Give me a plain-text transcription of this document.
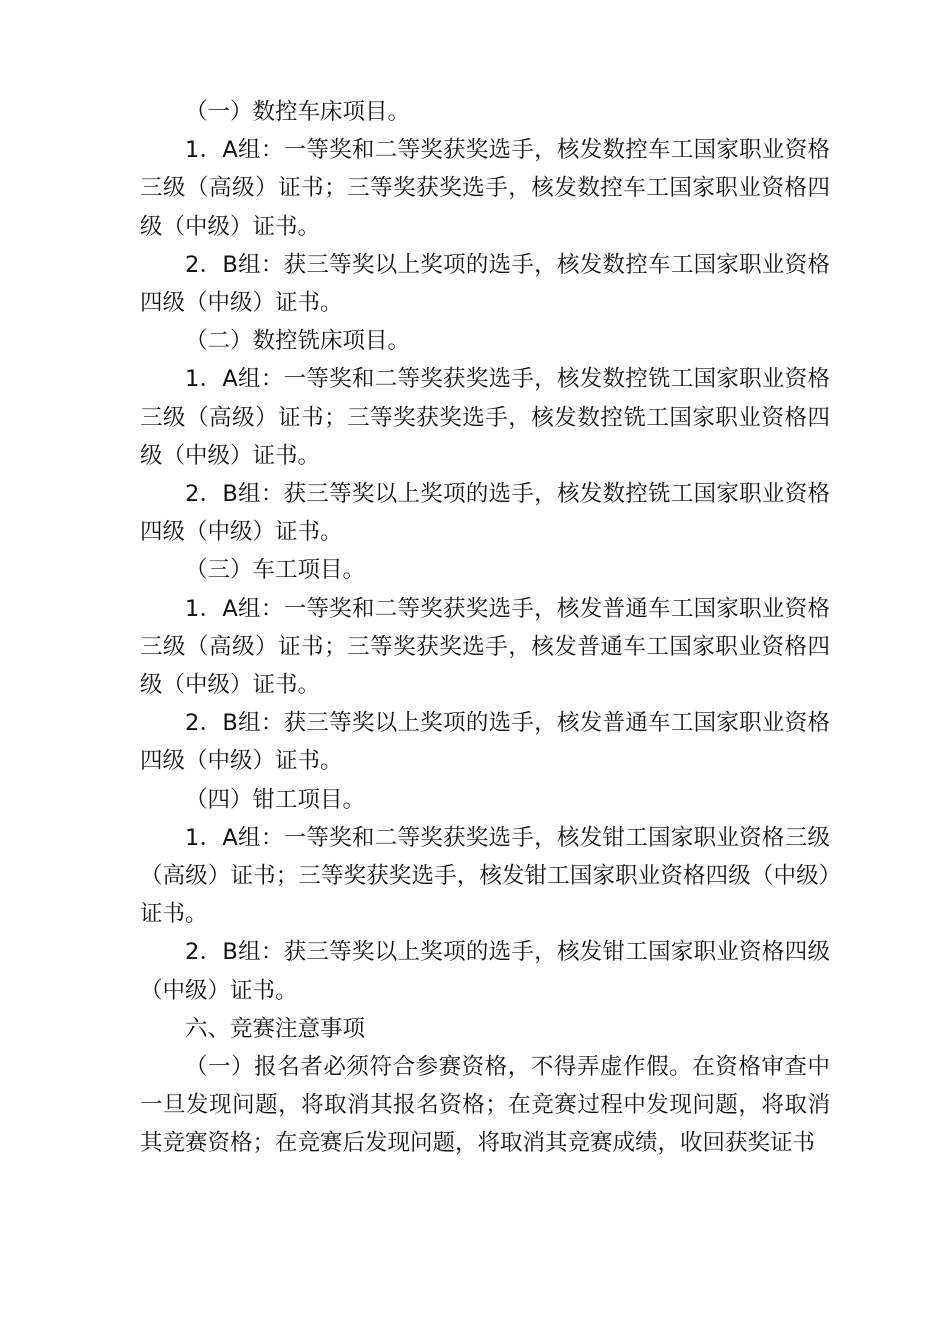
（一）数控车床项目。

1．A组：一等奖和二等奖获奖选手，核发数控车工国家职业资格三级（高级）证书；三等奖获奖选手，核发数控车工国家职业资格四级（中级）证书。

2．B组：获三等奖以上奖项的选手，核发数控车工国家职业资格四级（中级）证书。

（二）数控铣床项目。

1．A组：一等奖和二等奖获奖选手，核发数控铣工国家职业资格三级（高级）证书；三等奖获奖选手，核发数控铣工国家职业资格四级（中级）证书。

2．B组：获三等奖以上奖项的选手，核发数控铣工国家职业资格四级（中级）证书。

（三）车工项目。

1．A组：一等奖和二等奖获奖选手，核发普通车工国家职业资格三级（高级）证书；三等奖获奖选手，核发普通车工国家职业资格四级（中级）证书。

2．B组：获三等奖以上奖项的选手，核发普通车工国家职业资格四级（中级）证书。

（四）钳工项目。

1．A组：一等奖和二等奖获奖选手，核发钳工国家职业资格三级（高级）证书；三等奖获奖选手，核发钳工国家职业资格四级（中级）证书。

2．B组：获三等奖以上奖项的选手，核发钳工国家职业资格四级（中级）证书。

六、竞赛注意事项

（一）报名者必须符合参赛资格，不得弄虚作假。在资格审查中一旦发现问题，将取消其报名资格；在竞赛过程中发现问题，将取消其竞赛资格；在竞赛后发现问题，将取消其竞赛成绩，收回获奖证书
